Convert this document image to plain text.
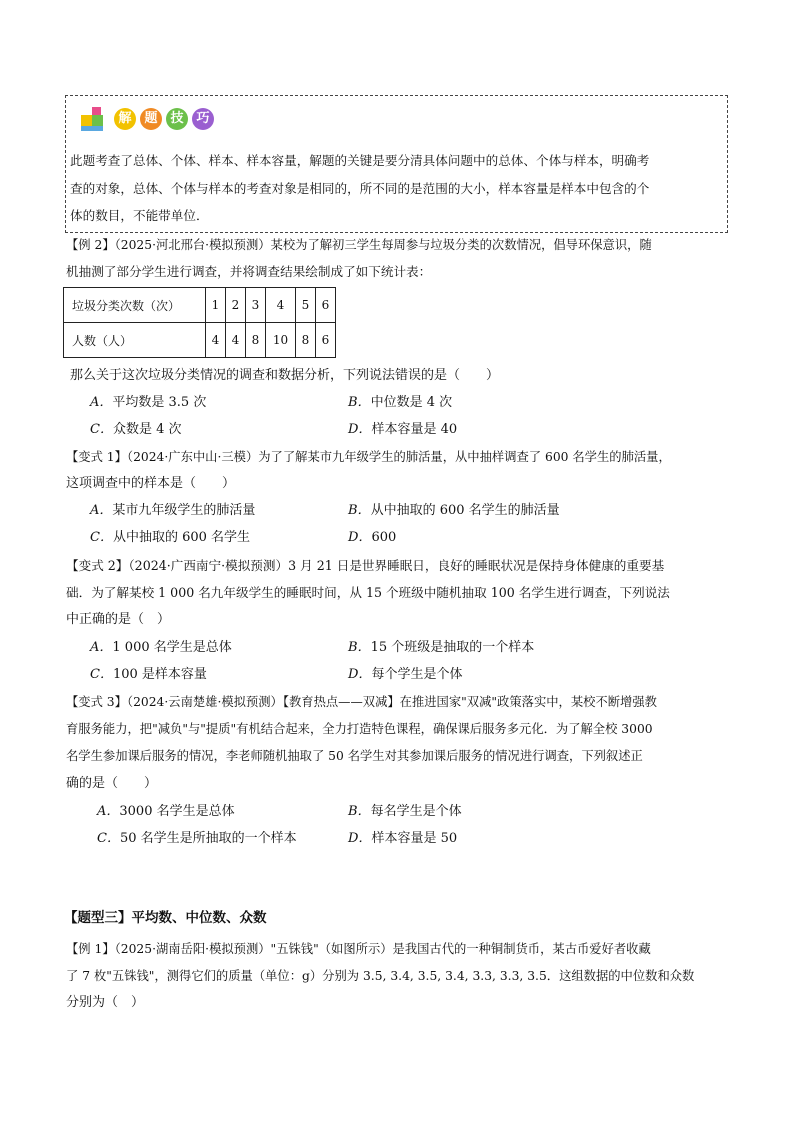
解 题 技 巧
此题考查了总体、个体、样本、样本容量，解题的关键是要分清具体问题中的总体、个体与样本，明确考
查的对象，总体、个体与样本的考查对象是相同的，所不同的是范围的大小，样本容量是样本中包含的个
体的数目，不能带单位．
【例 2】（2025·河北邢台·模拟预测）某校为了解初三学生每周参与垃圾分类的次数情况，倡导环保意识，随
机抽测了部分学生进行调查，并将调查结果绘制成了如下统计表：
垃圾分类次数（次）	1	2	3	4	5	6
人数（人）	4	4	8	10	8	6
那么关于这次垃圾分类情况的调查和数据分析，下列说法错误的是（　　）
A．平均数是 3.5 次	B．中位数是 4 次
C．众数是 4 次	D．样本容量是 40
【变式 1】（2024·广东中山·三模）为了了解某市九年级学生的肺活量，从中抽样调查了 600 名学生的肺活量，
这项调查中的样本是（　　）
A．某市九年级学生的肺活量	B．从中抽取的 600 名学生的肺活量
C．从中抽取的 600 名学生	D．600
【变式 2】（2024·广西南宁·模拟预测）3 月 21 日是世界睡眠日，良好的睡眠状况是保持身体健康的重要基
础．为了解某校 1 000 名九年级学生的睡眠时间，从 15 个班级中随机抽取 100 名学生进行调查，下列说法
中正确的是（　）
A．1 000 名学生是总体	B．15 个班级是抽取的一个样本
C．100 是样本容量	D．每个学生是个体
【变式 3】（2024·云南楚雄·模拟预测）【教育热点——双减】在推进国家"双减"政策落实中，某校不断增强教
育服务能力，把"减负"与"提质"有机结合起来，全力打造特色课程，确保课后服务多元化．为了解全校 3000
名学生参加课后服务的情况，李老师随机抽取了 50 名学生对其参加课后服务的情况进行调查，下列叙述正
确的是（　　）
A．3000 名学生是总体	B．每名学生是个体
C．50 名学生是所抽取的一个样本	D．样本容量是 50
【题型三】平均数、中位数、众数
【例 1】（2025·湖南岳阳·模拟预测）"五铢钱"（如图所示）是我国古代的一种铜制货币，某古币爱好者收藏
了 7 枚"五铢钱"，测得它们的质量（单位：g）分别为 3.5, 3.4, 3.5, 3.4, 3.3, 3.3, 3.5．这组数据的中位数和众数
分别为（　）
